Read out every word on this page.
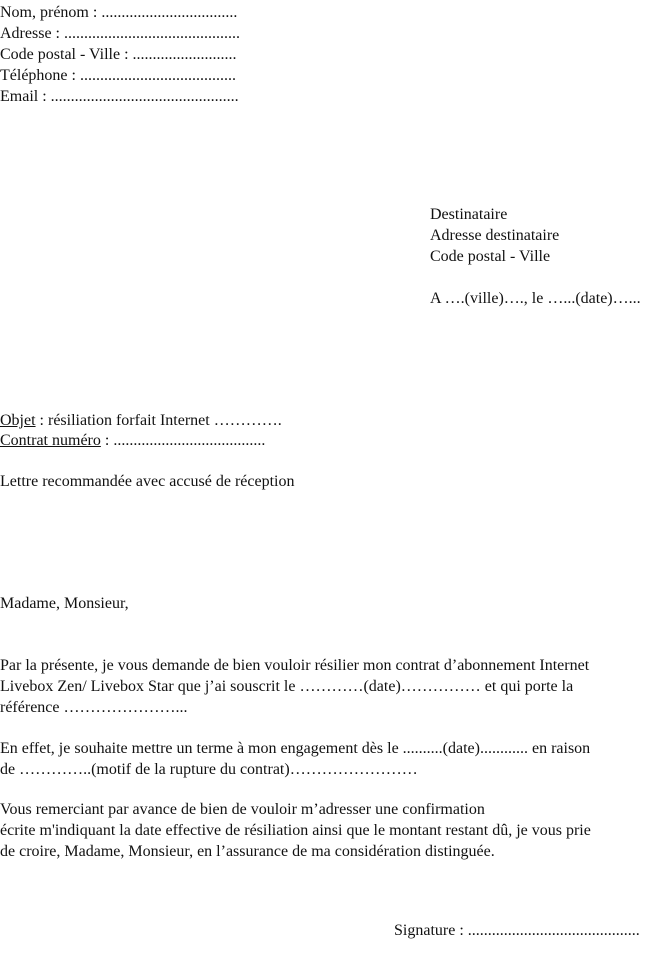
Nom, prénom : ..................................
Adresse : ............................................
Code postal - Ville : ..........................
Téléphone : .......................................
Email : ...............................................
Destinataire
Adresse destinataire
Code postal - Ville
A ….(ville)…., le …...(date)…...
Objet : résiliation forfait Internet ………….
Contrat numéro : ......................................
Lettre recommandée avec accusé de réception
Madame, Monsieur,
Par la présente, je vous demande de bien vouloir résilier mon contrat d’abonnement Internet
Livebox Zen/ Livebox Star que j’ai souscrit le …………(date)…………… et qui porte la
référence …………………...
En effet, je souhaite mettre un terme à mon engagement dès le ..........(date)............ en raison
de …………..(motif de la rupture du contrat)……………………
Vous remerciant par avance de bien de vouloir m’adresser une confirmation
écrite m'indiquant la date effective de résiliation ainsi que le montant restant dû, je vous prie
de croire, Madame, Monsieur, en l’assurance de ma considération distinguée.
Signature : ...........................................
